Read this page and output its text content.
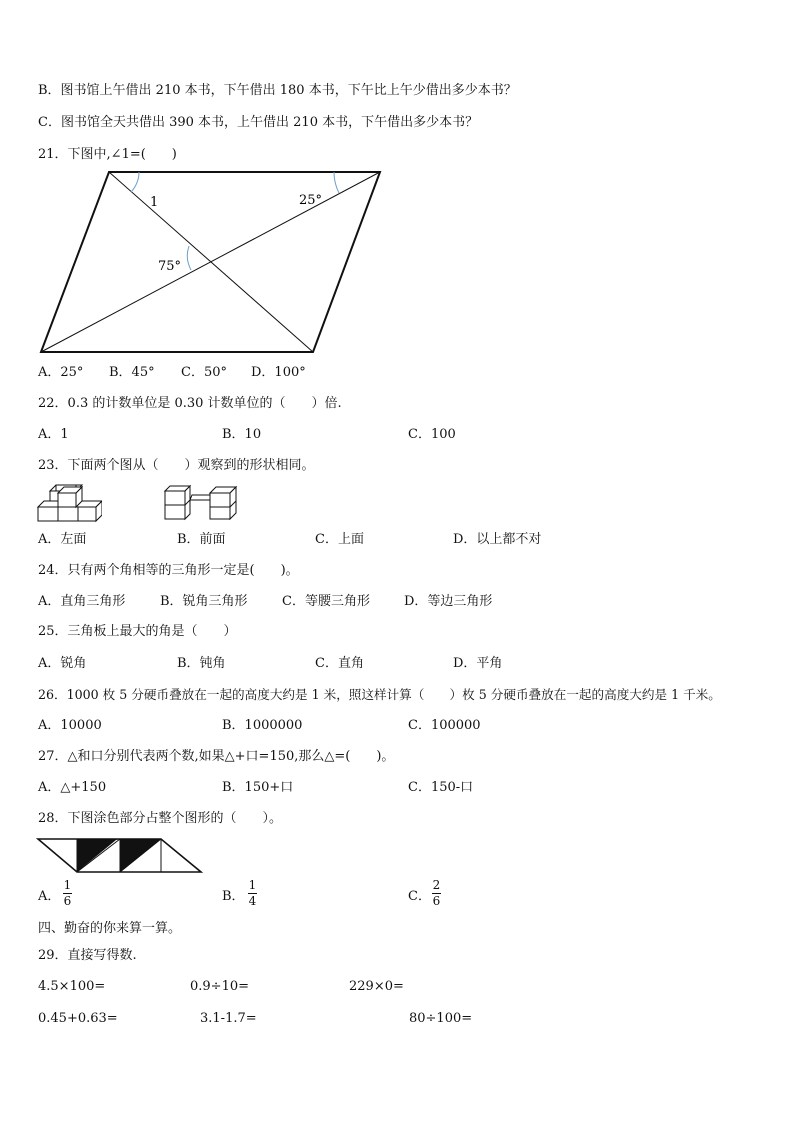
B．图书馆上午借出 210 本书，下午借出 180 本书，下午比上午少借出多少本书？
C．图书馆全天共借出 390 本书，上午借出 210 本书，下午借出多少本书？
21．下图中,∠1=(　　)
1	25°
75°
A．25° B．45° C．50° D．100°
22．0.3 的计数单位是 0.30 计数单位的（　　）倍.
A．1	B．10	C．100
23．下面两个图从（　　）观察到的形状相同。
A．左面	B．前面	C．上面	D．以上都不对
24．只有两个角相等的三角形一定是(　　)。
A．直角三角形	B．锐角三角形	C．等腰三角形	D．等边三角形
25．三角板上最大的角是（　　）
A．锐角	B．钝角	C．直角	D．平角
26．1000 枚 5 分硬币叠放在一起的高度大约是 1 米，照这样计算（　　）枚 5 分硬币叠放在一起的高度大约是 1 千米。
A．10000	B．1000000	C．100000
27．△和口分别代表两个数,如果△+口=150,那么△=(　　)。
A．△+150	B．150+口	C．150-口
28．下图涂色部分占整个图形的（　　）。
A．
1
6	B．
1
4	C．
2
6
四、勤奋的你来算一算。
29．直接写得数.
4.5×100=	0.9÷10=	229×0=
0.45+0.63=	3.1-1.7=	80÷100=
